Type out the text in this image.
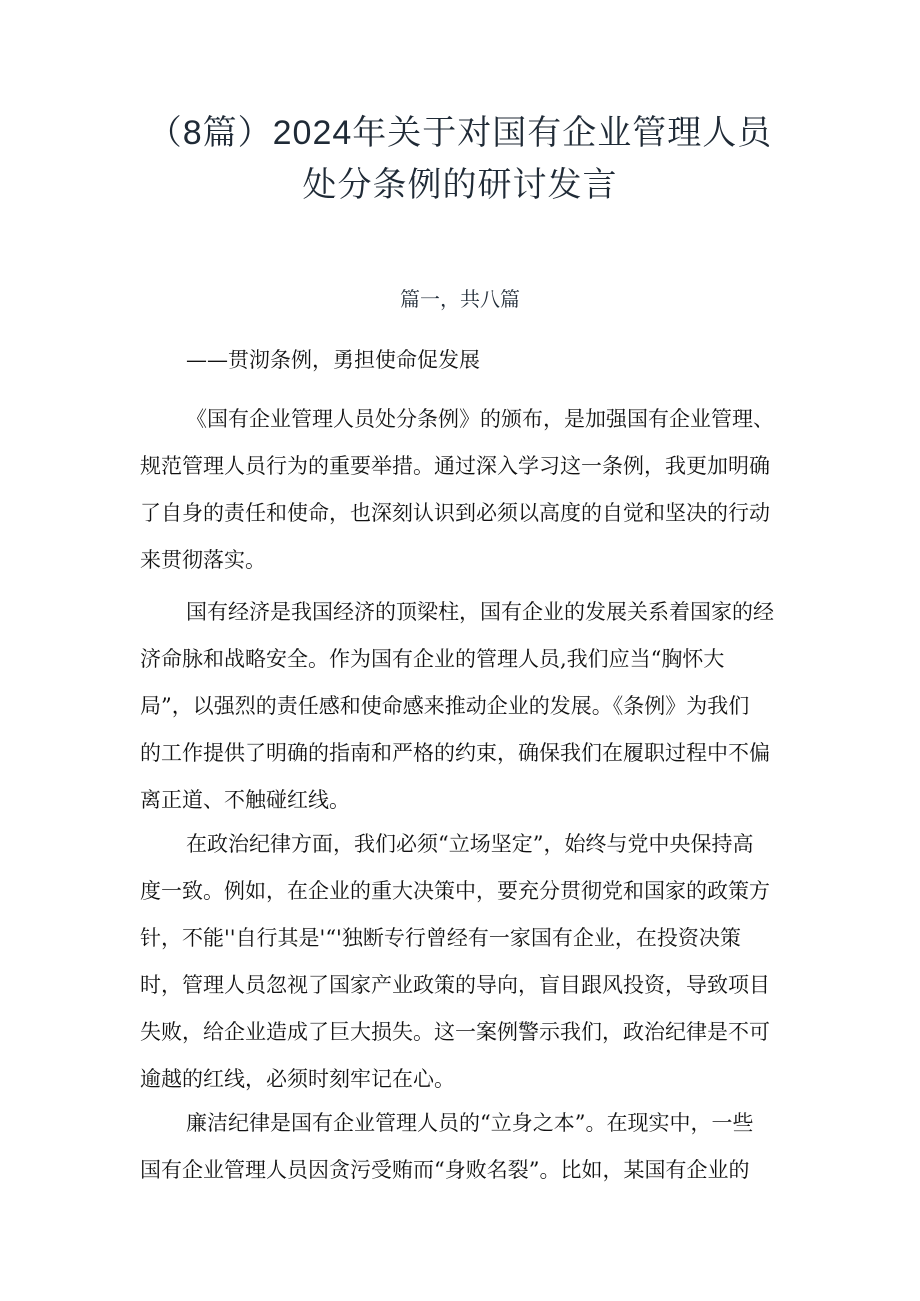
（8篇）2024年关于对国有企业管理人员
处分条例的研讨发言
篇一，共八篇
——贯沏条例，勇担使命促发展
《国有企业管理人员处分条例》的颁布，是加强国有企业管理、
规范管理人员行为的重要举措。通过深入学习这一条例，我更加明确
了自身的责任和使命，也深刻认识到必须以高度的自觉和坚决的行动
来贯彻落实。
国有经济是我国经济的顶梁柱，国有企业的发展关系着国家的经
济命脉和战略安全。作为国有企业的管理人员,我们应当“胸怀大
局”，以强烈的责任感和使命感来推动企业的发展。《条例》为我们
的工作提供了明确的指南和严格的约束，确保我们在履职过程中不偏
离正道、不触碰红线。
在政治纪律方面，我们必须“立场坚定”，始终与党中央保持高
度一致。例如，在企业的重大决策中，要充分贯彻党和国家的政策方
针，不能''自行其是'“'独断专行曾经有一家国有企业，在投资决策
时，管理人员忽视了国家产业政策的导向，盲目跟风投资，导致项目
失败，给企业造成了巨大损失。这一案例警示我们，政治纪律是不可
逾越的红线，必须时刻牢记在心。
廉洁纪律是国有企业管理人员的“立身之本”。在现实中，一些
国有企业管理人员因贪污受贿而“身败名裂”。比如，某国有企业的
